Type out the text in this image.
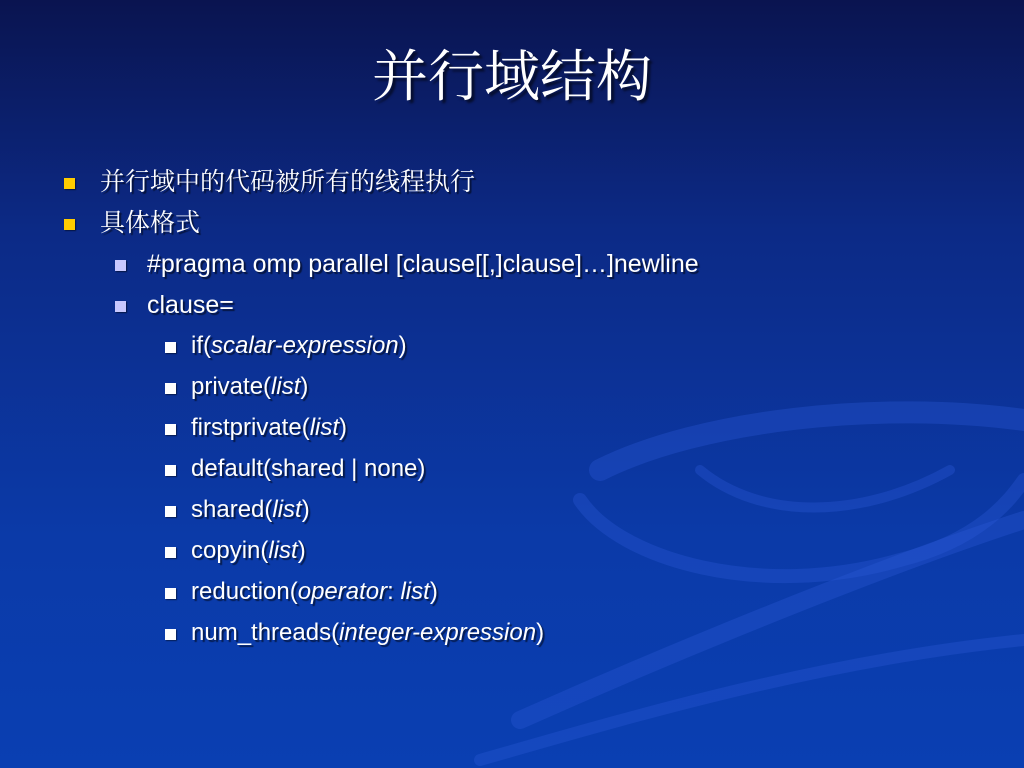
并行域结构
并行域中的代码被所有的线程执行
具体格式
#pragma omp parallel [clause[[,]clause]…]newline
clause=
if(scalar-expression)
private(list)
firstprivate(list)
default(shared | none)
shared(list)
copyin(list)
reduction(operator: list)
num_threads(integer-expression)
